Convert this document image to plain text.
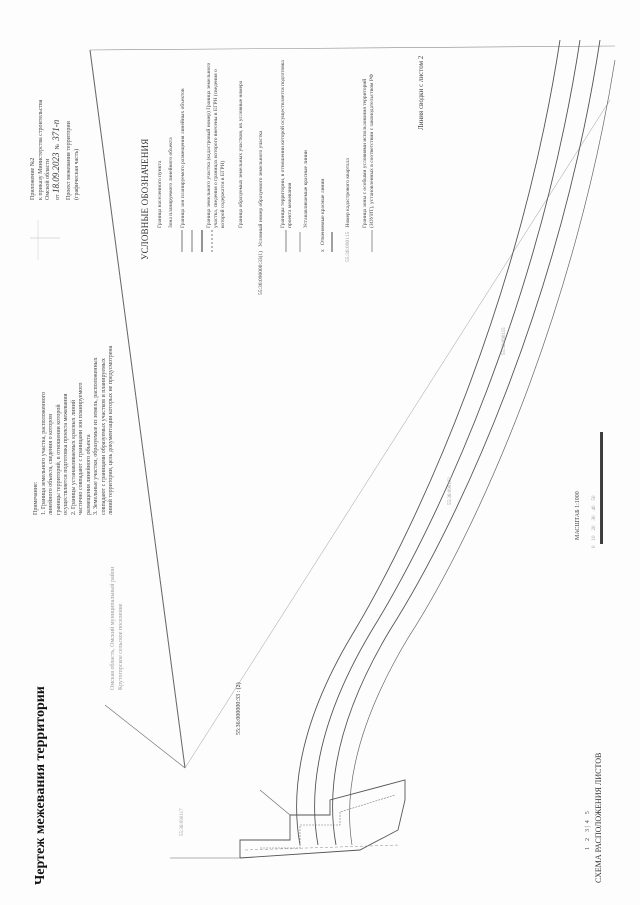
Чертеж межевания территории	СХЕМА РАСПОЛОЖЕНИЯ ЛИСТОВ
1    2    3 |  4    5
55:36:000000:33 : (2)
55:36:090117
55:36:090102
55:36:090115
Омская область, Омский муниципальный район Крутогорское сельское поселение
Примечание: 1. Граница земельного участка, расположенного линейного объекта, сведения о котором границы территорий, в отношении которой осуществляется подготовка проекта межевания 2. Границы устанавливаемых красных линий частично совпадают с границами зон планируемого размещения линейного объекта 3. Земельные участки, образуемые из земель, расположенных совпадают с границами образуемых участков и планируемых линий территории, цель документации которых не предусмотрена
Приложение №2 к приказу Министерства строительства Омской области от 18.09.2023  №  371-п Проект межевания территории (графическая часть)	УСЛОВНЫЕ ОБОЗНАЧЕНИЯ Граница населенного пункта Зона планируемого линейного объекта Граница зон планируемого размещения линейных объектов	Граница земельного участка (кадастровый номер) Граница земельного участка, сведения о границах которого внесены в ЕГРН (сведения о которой содержатся в ЕГРН) Граница образуемых земельных участков, их условные номера
55:36:090000:33(1)   Условный номер образуемого земельного участка	Границы территории, в отношении которой осуществляется подготовка проекта межевания Устанавливаемые красные линии
x   Отменяемые красные линии
55:36:090115   Номер кадастрового квартала Граница зоны с особыми условиями использования территорий (ЗОУИТ), установленных в соответствии с законодательством РФ
МАСШТАБ 1:1000
0    10    20    30    40    50
Линия сводки с листом 2
